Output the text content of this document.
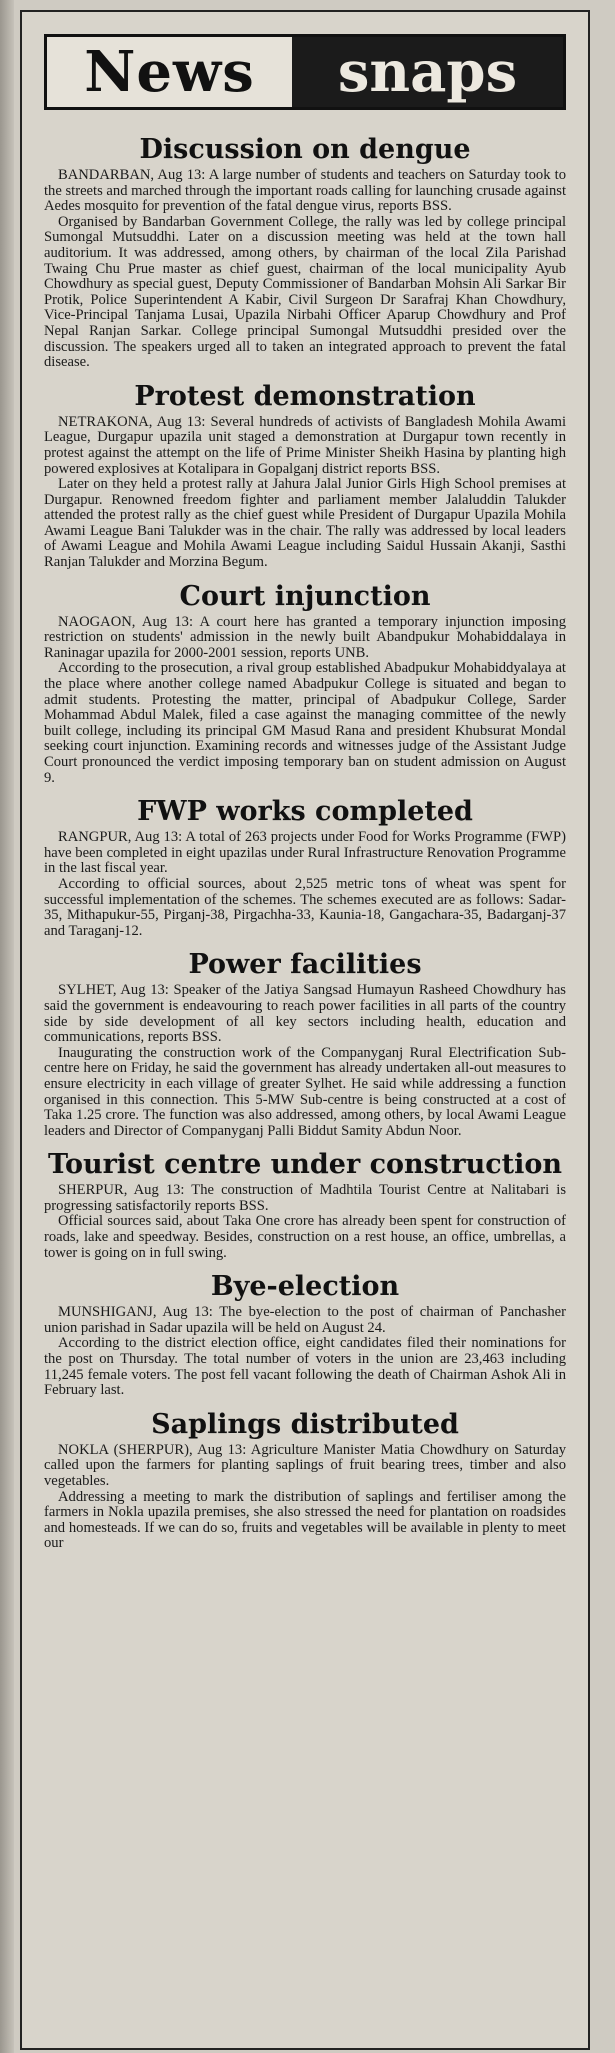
News	snaps
Discussion on dengue

BANDARBAN, Aug 13: A large number of students and teachers on Saturday took to the streets and marched through the important roads calling for launching crusade against Aedes mosquito for prevention of the fatal dengue virus, reports BSS.

Organised by Bandarban Government College, the rally was led by college principal Sumongal Mutsuddhi. Later on a discussion meeting was held at the town hall auditorium. It was addressed, among others, by chairman of the local Zila Parishad Twaing Chu Prue master as chief guest, chairman of the local municipality Ayub Chowdhury as special guest, Deputy Commissioner of Bandarban Mohsin Ali Sarkar Bir Protik, Police Superintendent A Kabir, Civil Surgeon Dr Sarafraj Khan Chowdhury, Vice-Principal Tanjama Lusai, Upazila Nirbahi Officer Aparup Chowdhury and Prof Nepal Ranjan Sarkar. College principal Sumongal Mutsuddhi presided over the discussion. The speakers urged all to taken an integrated approach to prevent the fatal disease.

Protest demonstration

NETRAKONA, Aug 13: Several hundreds of activists of Bangladesh Mohila Awami League, Durgapur upazila unit staged a demonstration at Durgapur town recently in protest against the attempt on the life of Prime Minister Sheikh Hasina by planting high powered explosives at Kotalipara in Gopalganj district reports BSS.

Later on they held a protest rally at Jahura Jalal Junior Girls High School premises at Durgapur. Renowned freedom fighter and parliament member Jalaluddin Talukder attended the protest rally as the chief guest while President of Durgapur Upazila Mohila Awami League Bani Talukder was in the chair. The rally was addressed by local leaders of Awami League and Mohila Awami League including Saidul Hussain Akanji, Sasthi Ranjan Talukder and Morzina Begum.

Court injunction

NAOGAON, Aug 13: A court here has granted a temporary injunction imposing restriction on students' admission in the newly built Abandpukur Mohabiddalaya in Raninagar upazila for 2000-2001 session, reports UNB.

According to the prosecution, a rival group established Abadpukur Mohabiddyalaya at the place where another college named Abadpukur College is situated and began to admit students. Protesting the matter, principal of Abadpukur College, Sarder Mohammad Abdul Malek, filed a case against the managing committee of the newly built college, including its principal GM Masud Rana and president Khubsurat Mondal seeking court injunction. Examining records and witnesses judge of the Assistant Judge Court pronounced the verdict imposing temporary ban on student admission on August 9.

FWP works completed

RANGPUR, Aug 13: A total of 263 projects under Food for Works Programme (FWP) have been completed in eight upazilas under Rural Infrastructure Renovation Programme in the last fiscal year.

According to official sources, about 2,525 metric tons of wheat was spent for successful implementation of the schemes. The schemes executed are as follows: Sadar-35, Mithapukur-55, Pirganj-38, Pirgachha-33, Kaunia-18, Gangachara-35, Badarganj-37 and Taraganj-12.

Power facilities

SYLHET, Aug 13: Speaker of the Jatiya Sangsad Humayun Rasheed Chowdhury has said the government is endeavouring to reach power facilities in all parts of the country side by side development of all key sectors including health, education and communications, reports BSS.

Inaugurating the construction work of the Companyganj Rural Electrification Sub-centre here on Friday, he said the government has already undertaken all-out measures to ensure electricity in each village of greater Sylhet. He said while addressing a function organised in this connection. This 5-MW Sub-centre is being constructed at a cost of Taka 1.25 crore. The function was also addressed, among others, by local Awami League leaders and Director of Companyganj Palli Biddut Samity Abdun Noor.

Tourist centre under construction

SHERPUR, Aug 13: The construction of Madhtila Tourist Centre at Nalitabari is progressing satisfactorily reports BSS.

Official sources said, about Taka One crore has already been spent for construction of roads, lake and speedway. Besides, construction on a rest house, an office, umbrellas, a tower is going on in full swing.

Bye-election

MUNSHIGANJ, Aug 13: The bye-election to the post of chairman of Panchasher union parishad in Sadar upazila will be held on August 24.

According to the district election office, eight candidates filed their nominations for the post on Thursday. The total number of voters in the union are 23,463 including 11,245 female voters. The post fell vacant following the death of Chairman Ashok Ali in February last.

Saplings distributed

NOKLA (SHERPUR), Aug 13: Agriculture Manister Matia Chowdhury on Saturday called upon the farmers for planting saplings of fruit bearing trees, timber and also vegetables.

Addressing a meeting to mark the distribution of saplings and fertiliser among the farmers in Nokla upazila premises, she also stressed the need for plantation on roadsides and homesteads. If we can do so, fruits and vegetables will be available in plenty to meet our
